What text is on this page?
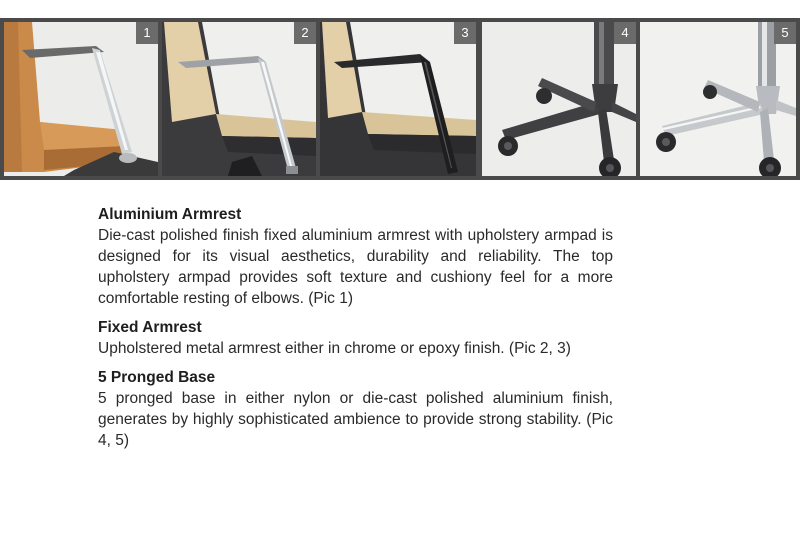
1	2	3	4	5
Aluminium Armrest

Die-cast polished finish fixed aluminium armrest with upholstery armpad is designed for its visual aesthetics, durability and reliability. The top upholstery armpad provides soft texture and cushiony feel for a more comfortable resting of elbows. (Pic 1)

Fixed Armrest

Upholstered metal armrest either in chrome or epoxy finish. (Pic 2, 3)

5 Pronged Base

5 pronged base in either nylon or die-cast polished aluminium finish, generates by highly sophisticated ambience to provide strong stability. (Pic 4, 5)
